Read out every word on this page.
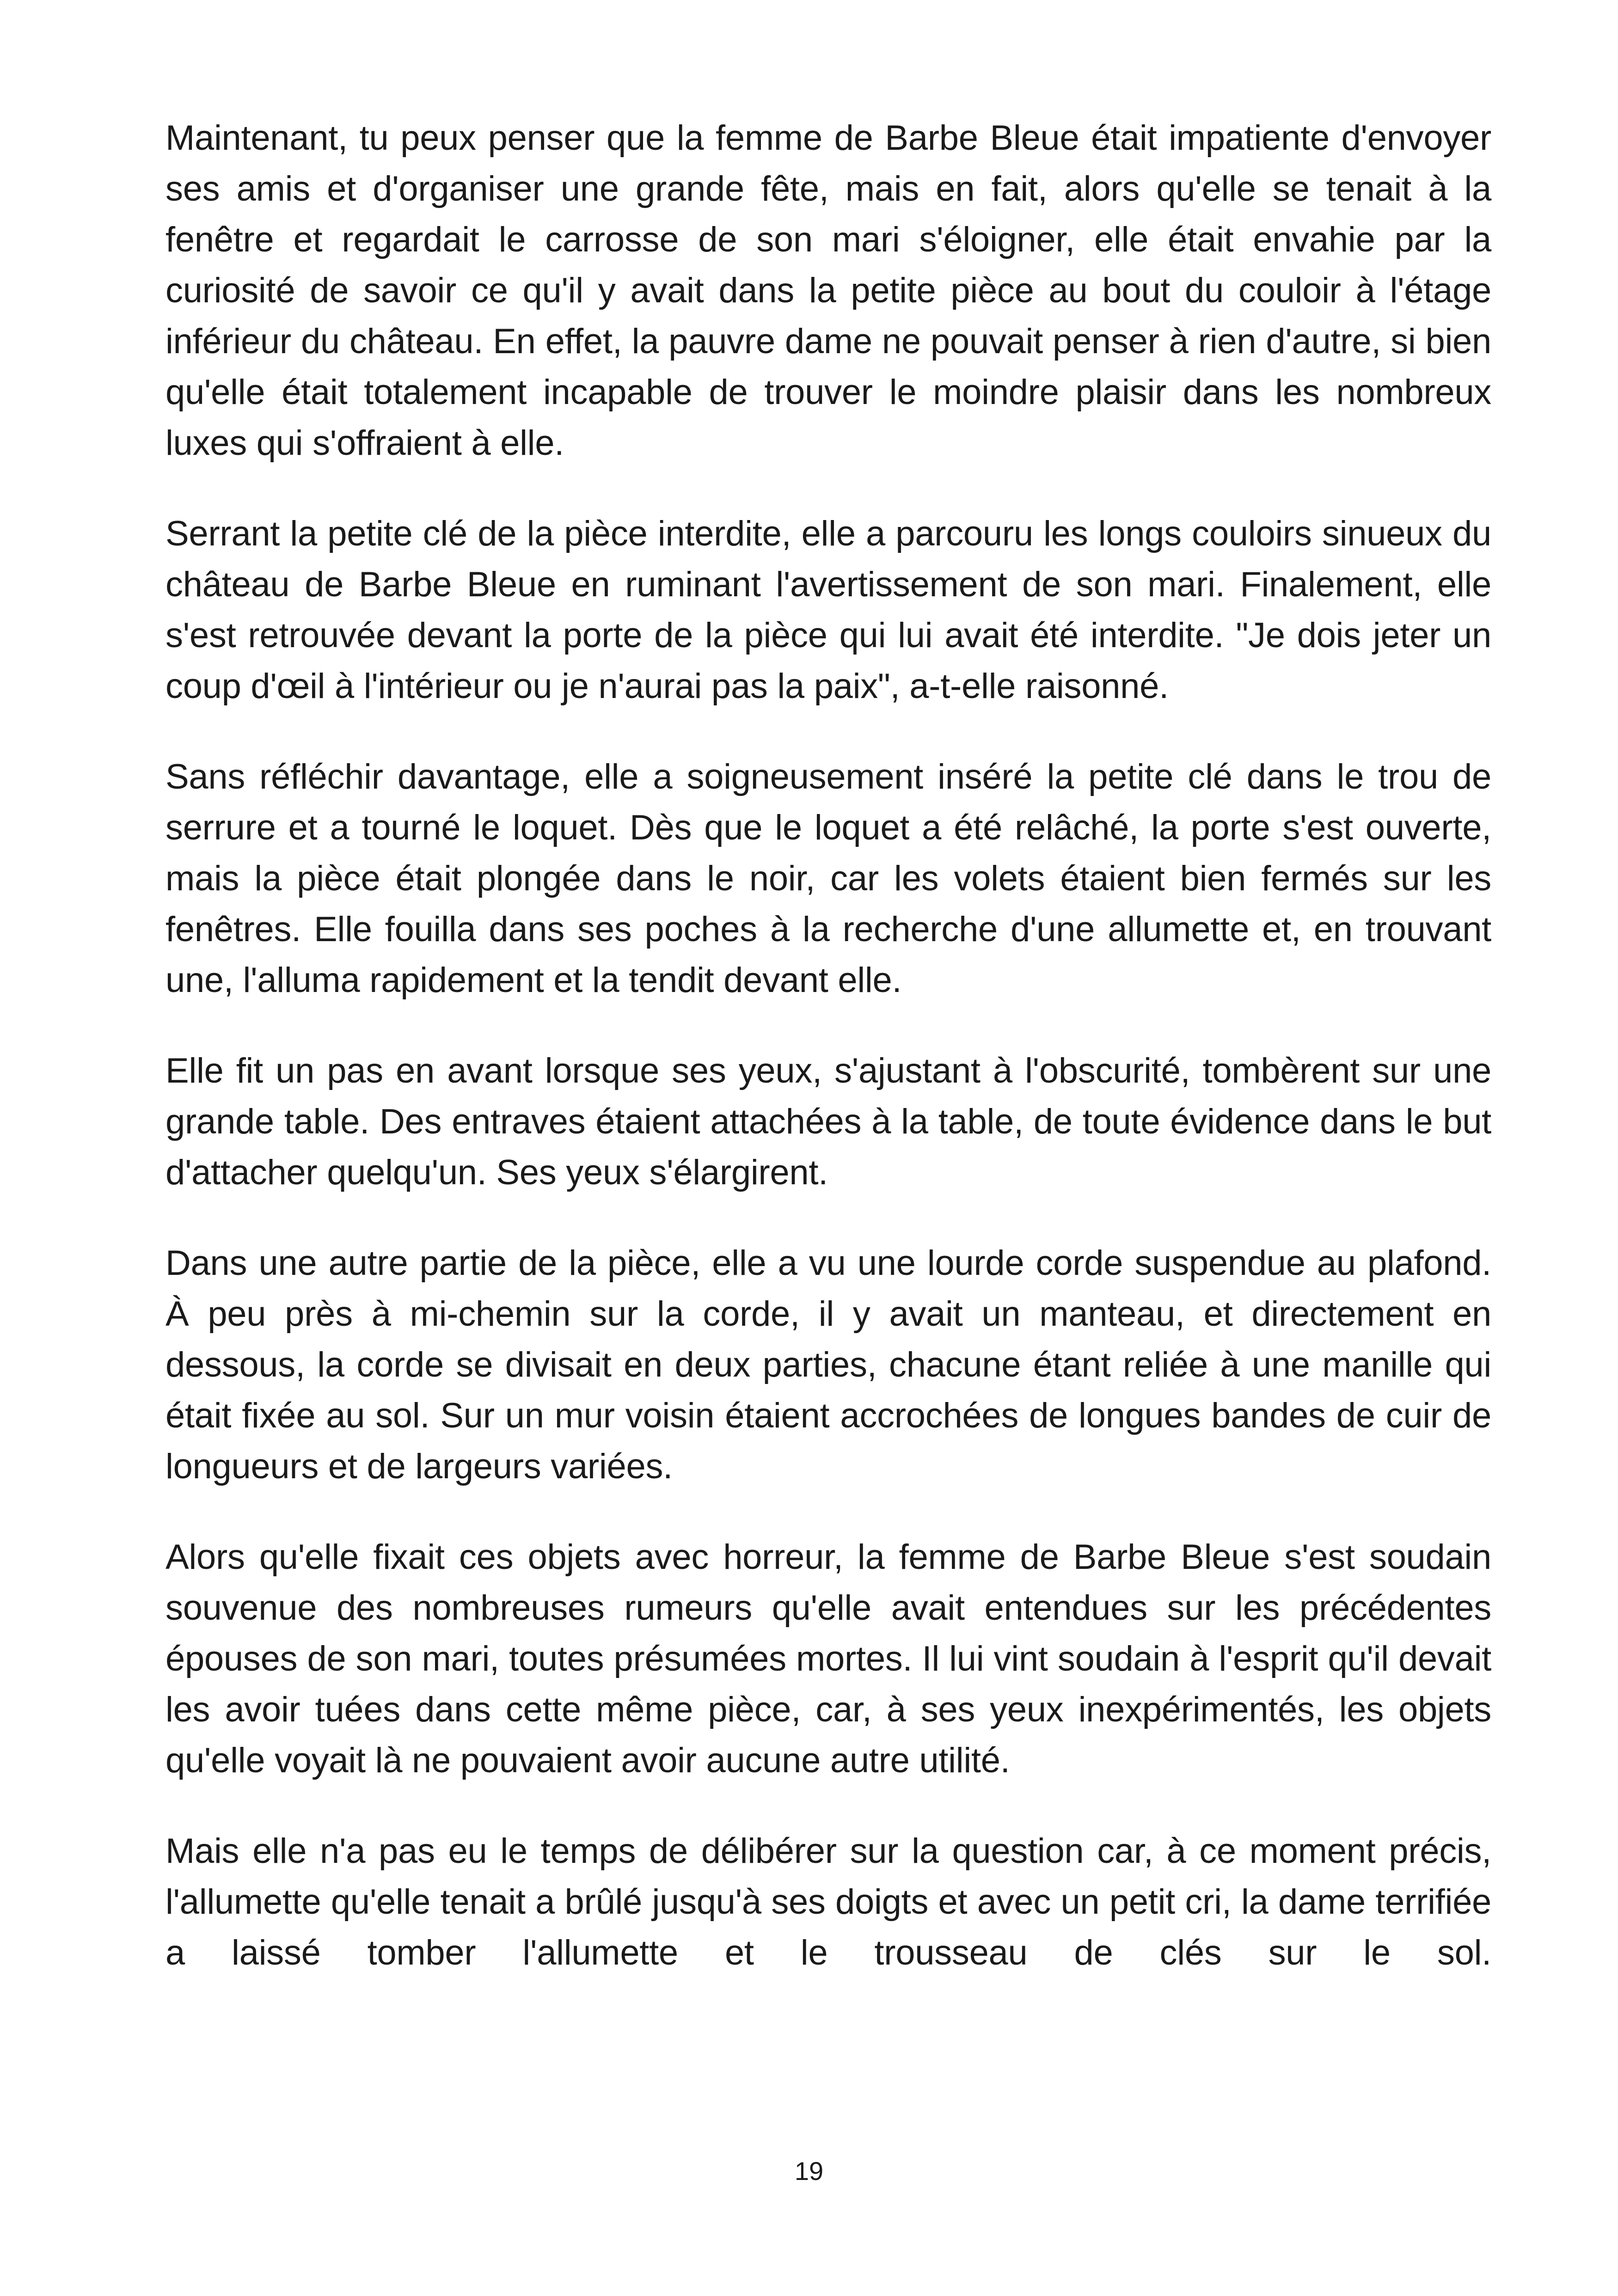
Maintenant, tu peux penser que la femme de Barbe Bleue était impatiente d'envoyer ses amis et d'organiser une grande fête, mais en fait, alors qu'elle se tenait à la fenêtre et regardait le carrosse de son mari s'éloigner, elle était envahie par la curiosité de savoir ce qu'il y avait dans la petite pièce au bout du couloir à l'étage inférieur du château. En effet, la pauvre dame ne pouvait penser à rien d'autre, si bien qu'elle était totalement incapable de trouver le moindre plaisir dans les nombreux luxes qui s'offraient à elle.

Serrant la petite clé de la pièce interdite, elle a parcouru les longs couloirs sinueux du château de Barbe Bleue en ruminant l'avertissement de son mari. Finalement, elle s'est retrouvée devant la porte de la pièce qui lui avait été interdite. "Je dois jeter un coup d'œil à l'intérieur ou je n'aurai pas la paix", a-t-elle raisonné.

Sans réfléchir davantage, elle a soigneusement inséré la petite clé dans le trou de serrure et a tourné le loquet. Dès que le loquet a été relâché, la porte s'est ouverte, mais la pièce était plongée dans le noir, car les volets étaient bien fermés sur les fenêtres. Elle fouilla dans ses poches à la recherche d'une allumette et, en trouvant une, l'alluma rapidement et la tendit devant elle.

Elle fit un pas en avant lorsque ses yeux, s'ajustant à l'obscurité, tombèrent sur une grande table. Des entraves étaient attachées à la table, de toute évidence dans le but d'attacher quelqu'un. Ses yeux s'élargirent.

Dans une autre partie de la pièce, elle a vu une lourde corde suspendue au plafond. À peu près à mi-chemin sur la corde, il y avait un manteau, et directement en dessous, la corde se divisait en deux parties, chacune étant reliée à une manille qui était fixée au sol. Sur un mur voisin étaient accrochées de longues bandes de cuir de longueurs et de largeurs variées.

Alors qu'elle fixait ces objets avec horreur, la femme de Barbe Bleue s'est soudain souvenue des nombreuses rumeurs qu'elle avait entendues sur les précédentes épouses de son mari, toutes présumées mortes. Il lui vint soudain à l'esprit qu'il devait les avoir tuées dans cette même pièce, car, à ses yeux inexpérimentés, les objets qu'elle voyait là ne pouvaient avoir aucune autre utilité.

Mais elle n'a pas eu le temps de délibérer sur la question car, à ce moment précis, l'allumette qu'elle tenait a brûlé jusqu'à ses doigts et avec un petit cri, la dame terrifiée a laissé tomber l'allumette et le trousseau de clés sur le sol.

19
